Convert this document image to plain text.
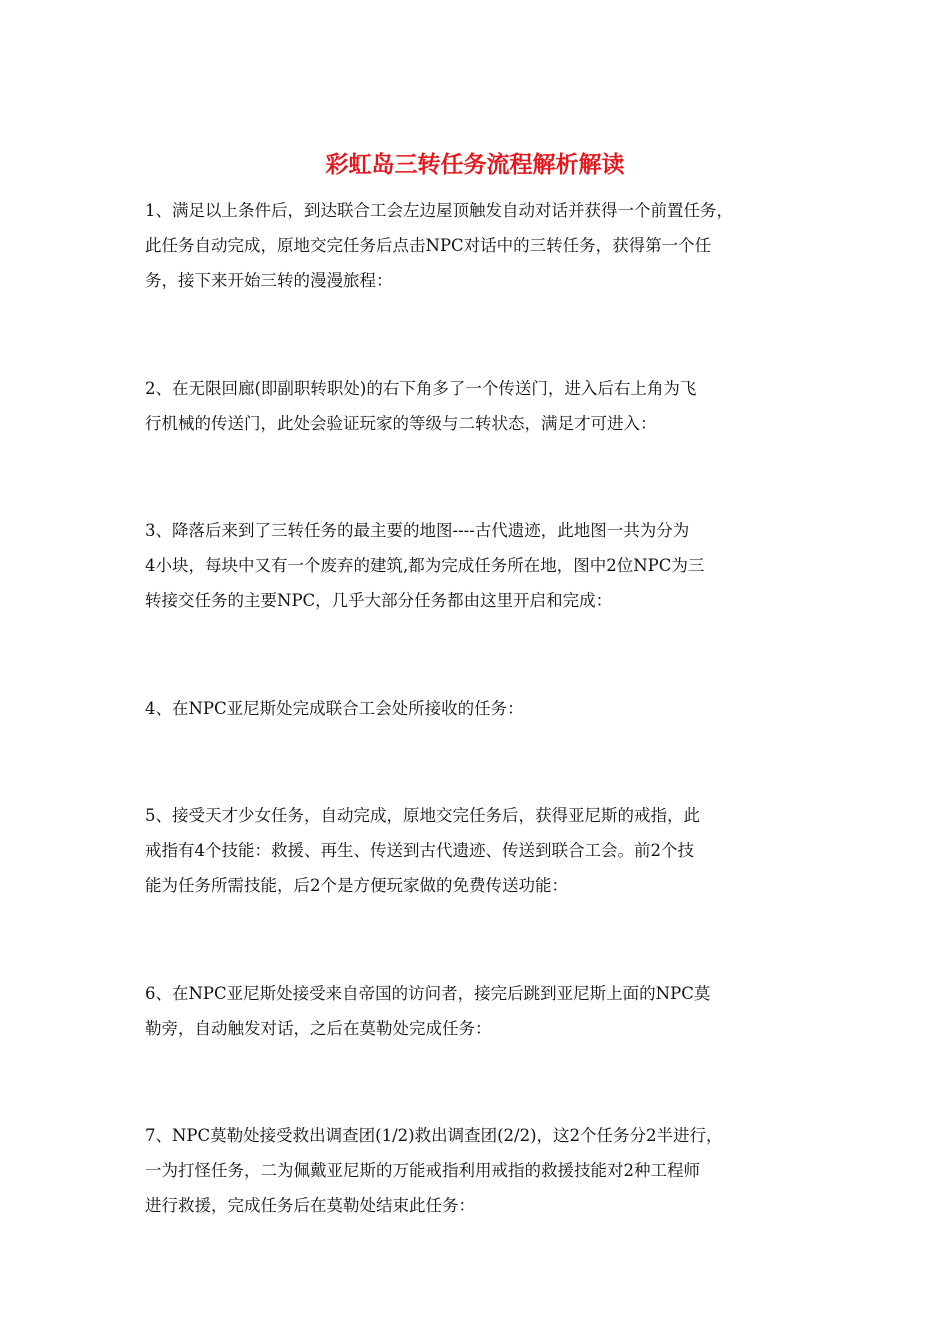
彩虹岛三转任务流程解析解读
1、满足以上条件后，到达联合工会左边屋顶触发自动对话并获得一个前置任务，
此任务自动完成，原地交完任务后点击NPC对话中的三转任务，获得第一个任
务，接下来开始三转的漫漫旅程：
2、在无限回廊(即副职转职处)的右下角多了一个传送门，进入后右上角为飞
行机械的传送门，此处会验证玩家的等级与二转状态，满足才可进入：
3、降落后来到了三转任务的最主要的地图----古代遗迹，此地图一共为分为
4小块，每块中又有一个废弃的建筑,都为完成任务所在地，图中2位NPC为三
转接交任务的主要NPC，几乎大部分任务都由这里开启和完成：
4、在NPC亚尼斯处完成联合工会处所接收的任务：
5、接受天才少女任务，自动完成，原地交完任务后，获得亚尼斯的戒指，此
戒指有4个技能：救援、再生、传送到古代遗迹、传送到联合工会。前2个技
能为任务所需技能，后2个是方便玩家做的免费传送功能：
6、在NPC亚尼斯处接受来自帝国的访问者，接完后跳到亚尼斯上面的NPC莫
勒旁，自动触发对话，之后在莫勒处完成任务：
7、NPC莫勒处接受救出调查团(1/2)救出调查团(2/2)，这2个任务分2半进行，
一为打怪任务，二为佩戴亚尼斯的万能戒指利用戒指的救援技能对2种工程师
进行救援，完成任务后在莫勒处结束此任务：
